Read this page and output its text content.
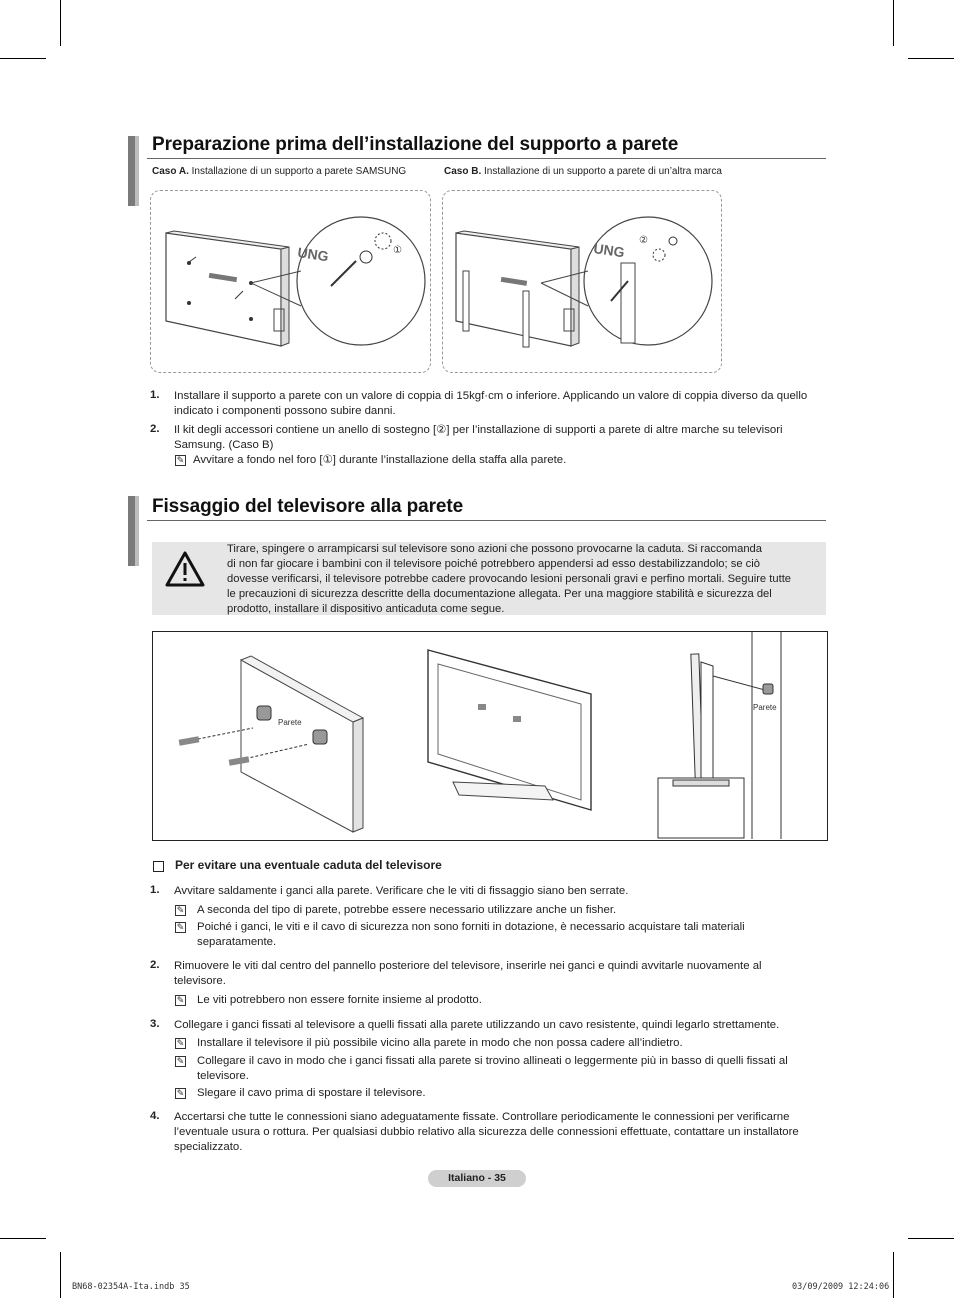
Preparazione prima dell’installazione del supporto a parete
Caso A. Installazione di un supporto a parete SAMSUNG	Caso B. Installazione di un supporto a parete di un’altra marca
UNG	①	UNG ②
1. Installare il supporto a parete con un valore di coppia di 15kgf·cm o inferiore. Applicando un valore di coppia diverso da quello
indicato i componenti possono subire danni.
2. Il kit degli accessori contiene un anello di sostegno [②] per l’installazione di supporti a parete di altre marche su televisori
Samsung. (Caso B)
✎ Avvitare a fondo nel foro [①] durante l’installazione della staffa alla parete.
Fissaggio del televisore alla parete
Tirare, spingere o arrampicarsi sul televisore sono azioni che possono provocarne la caduta. Si raccomanda
di non far giocare i bambini con il televisore poiché potrebbero appendersi ad esso destabilizzandolo; se ciò
dovesse verificarsi, il televisore potrebbe cadere provocando lesioni personali gravi e perfino mortali. Seguire tutte
le precauzioni di sicurezza descritte della documentazione allegata. Per una maggiore stabilità e sicurezza del
prodotto, installare il dispositivo anticaduta come segue.
Parete
Parete
Per evitare una eventuale caduta del televisore
1. Avvitare saldamente i ganci alla parete. Verificare che le viti di fissaggio siano ben serrate.
✎ A seconda del tipo di parete, potrebbe essere necessario utilizzare anche un fisher.
✎ Poiché i ganci, le viti e il cavo di sicurezza non sono forniti in dotazione, è necessario acquistare tali materiali
separatamente.
2. Rimuovere le viti dal centro del pannello posteriore del televisore, inserirle nei ganci e quindi avvitarle nuovamente al
televisore.
✎ Le viti potrebbero non essere fornite insieme al prodotto.
3. Collegare i ganci fissati al televisore a quelli fissati alla parete utilizzando un cavo resistente, quindi legarlo strettamente.
✎ Installare il televisore il più possibile vicino alla parete in modo che non possa cadere all’indietro.
✎ Collegare il cavo in modo che i ganci fissati alla parete si trovino allineati o leggermente più in basso di quelli fissati al
televisore.
✎ Slegare il cavo prima di spostare il televisore.
4. Accertarsi che tutte le connessioni siano adeguatamente fissate. Controllare periodicamente le connessioni per verificarne
l’eventuale usura o rottura. Per qualsiasi dubbio relativo alla sicurezza delle connessioni effettuate, contattare un installatore
specializzato.
Italiano - 35
BN68-02354A-Ita.indb 35	03/09/2009 12:24:06
